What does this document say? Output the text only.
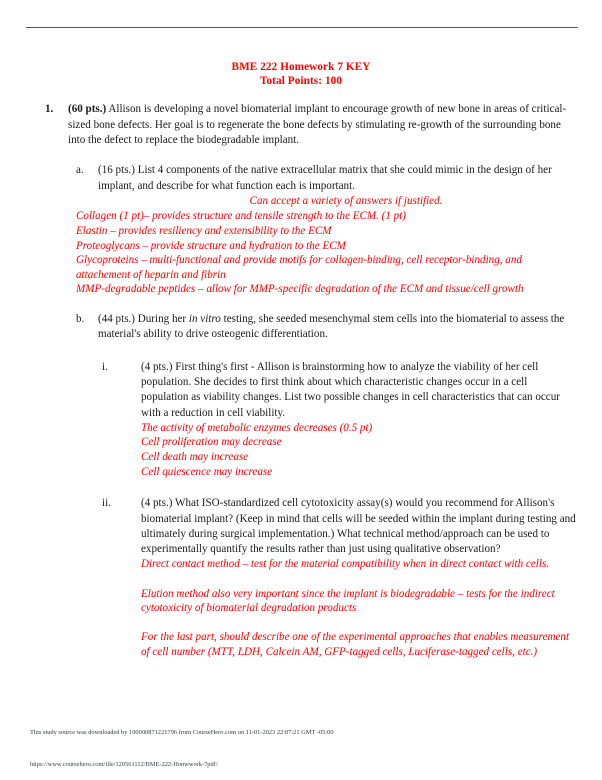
BME 222 Homework 7 KEY
Total Points: 100
1. (60 pts.) Allison is developing a novel biomaterial implant to encourage growth of new bone in areas of critical-sized bone defects. Her goal is to regenerate the bone defects by stimulating re-growth of the surrounding bone into the defect to replace the biodegradable implant.
a. (16 pts.) List 4 components of the native extracellular matrix that she could mimic in the design of her implant, and describe for what function each is important.
Can accept a variety of answers if justified.
Collagen (1 pt)– provides structure and tensile strength to the ECM. (1 pt)
Elastin – provides resiliency and extensibility to the ECM
Proteoglycans – provide structure and hydration to the ECM
Glycoproteins – multi-functional and provide motifs for collagen-binding, cell receptor-binding, and attachement of heparin and fibrin
MMP-degradable peptides – allow for MMP-specific degradation of the ECM and tissue/cell growth
b. (44 pts.) During her in vitro testing, she seeded mesenchymal stem cells into the biomaterial to assess the material's ability to drive osteogenic differentiation.
i.	(4 pts.) First thing's first - Allison is brainstorming how to analyze the viability of her cell population. She decides to first think about which characteristic changes occur in a cell population as viability changes. List two possible changes in cell characteristics that can occur with a reduction in cell viability.
The activity of metabolic enzymes decreases (0.5 pt)
Cell proliferation may decrease
Cell death may increase
Cell quiescence may increase
ii.	(4 pts.) What ISO-standardized cell cytotoxicity assay(s) would you recommend for Allison's biomaterial implant? (Keep in mind that cells will be seeded within the implant during testing and ultimately during surgical implementation.) What technical method/approach can be used to experimentally quantify the results rather than just using qualitative observation?
Direct contact method – test for the material compatibility when in direct contact with cells.
Elution method also very important since the implant is biodegradable – tests for the indirect cytotoxicity of biomaterial degradation products
For the last part, should describe one of the experimental approaches that enables measurement of cell number (MTT, LDH, Calcein AM, GFP-tagged cells, Luciferase-tagged cells, etc.)
This study source was downloaded by 100000871221796 from CourseHero.com on 11-01-2023 22:07:21 GMT -05:00
https://www.coursehero.com/file/120561112/BME-222-Homework-7pdf/
